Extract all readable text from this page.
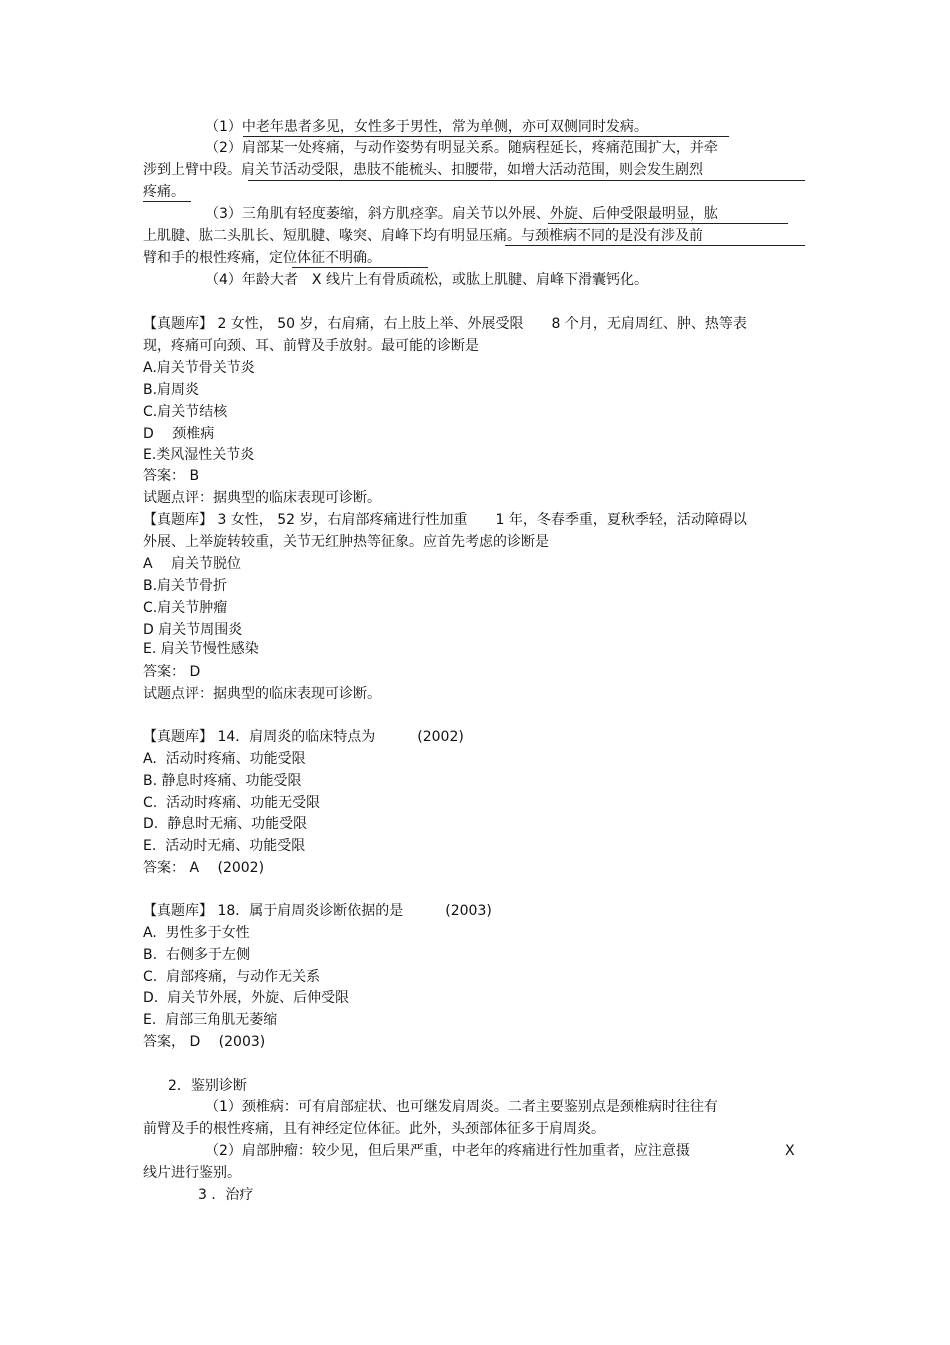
（1）中老年患者多见，女性多于男性，常为单侧，亦可双侧同时发病。
（2）肩部某一处疼痛，与动作姿势有明显关系。随病程延长，疼痛范围扩大，并牵
涉到上臂中段。肩关节活动受限，患肢不能梳头、扣腰带，如增大活动范围，则会发生剧烈
疼痛。
（3）三角肌有轻度萎缩，斜方肌痉挛。肩关节以外展、外旋、后伸受限最明显，肱
上肌腱、肱二头肌长、短肌腱、喙突、肩峰下均有明显压痛。与颈椎病不同的是没有涉及前
臂和手的根性疼痛，定位体征不明确。
（4）年龄大者　X 线片上有骨质疏松，或肱上肌腱、肩峰下滑囊钙化。
【真题库】 2 女性， 50 岁，右肩痛，右上肢上举、外展受限　　8 个月，无肩周红、肿、热等表
现，疼痛可向颈、耳、前臂及手放射。最可能的诊断是
A.肩关节骨关节炎
B.肩周炎
C.肩关节结核
D　 颈椎病
E.类风湿性关节炎
答案： B
试题点评：据典型的临床表现可诊断。
【真题库】 3 女性， 52 岁，右肩部疼痛进行性加重　　1 年，冬春季重，夏秋季轻，活动障碍以
外展、上举旋转较重，关节无红肿热等征象。应首先考虑的诊断是
A　 肩关节脱位
B.肩关节骨折
C.肩关节肿瘤
D 肩关节周围炎
E. 肩关节慢性感染
答案： D
试题点评：据典型的临床表现可诊断。
【真题库】 14．肩周炎的临床特点为　　　(2002)
A.  活动时疼痛、功能受限
B. 静息时疼痛、功能受限
C.  活动时疼痛、功能无受限
D.  静息时无痛、功能受限
E.  活动时无痛、功能受限
答案： A　 (2002)
【真题库】 18．属于肩周炎诊断依据的是　　　(2003)
A.  男性多于女性
B.  右侧多于左侧
C.  肩部疼痛，与动作无关系
D.  肩关节外展，外旋、后伸受限
E.  肩部三角肌无萎缩
答案， D　 (2003)
2．鉴别诊断
（1）颈椎病：可有肩部症状、也可继发肩周炎。二者主要鉴别点是颈椎病时往往有
前臂及手的根性疼痛，且有神经定位体征。此外，头颈部体征多于肩周炎。
（2）肩部肿瘤：较少见，但后果严重，中老年的疼痛进行性加重者，应注意摄	X
线片进行鉴别。
3 ．治疗
